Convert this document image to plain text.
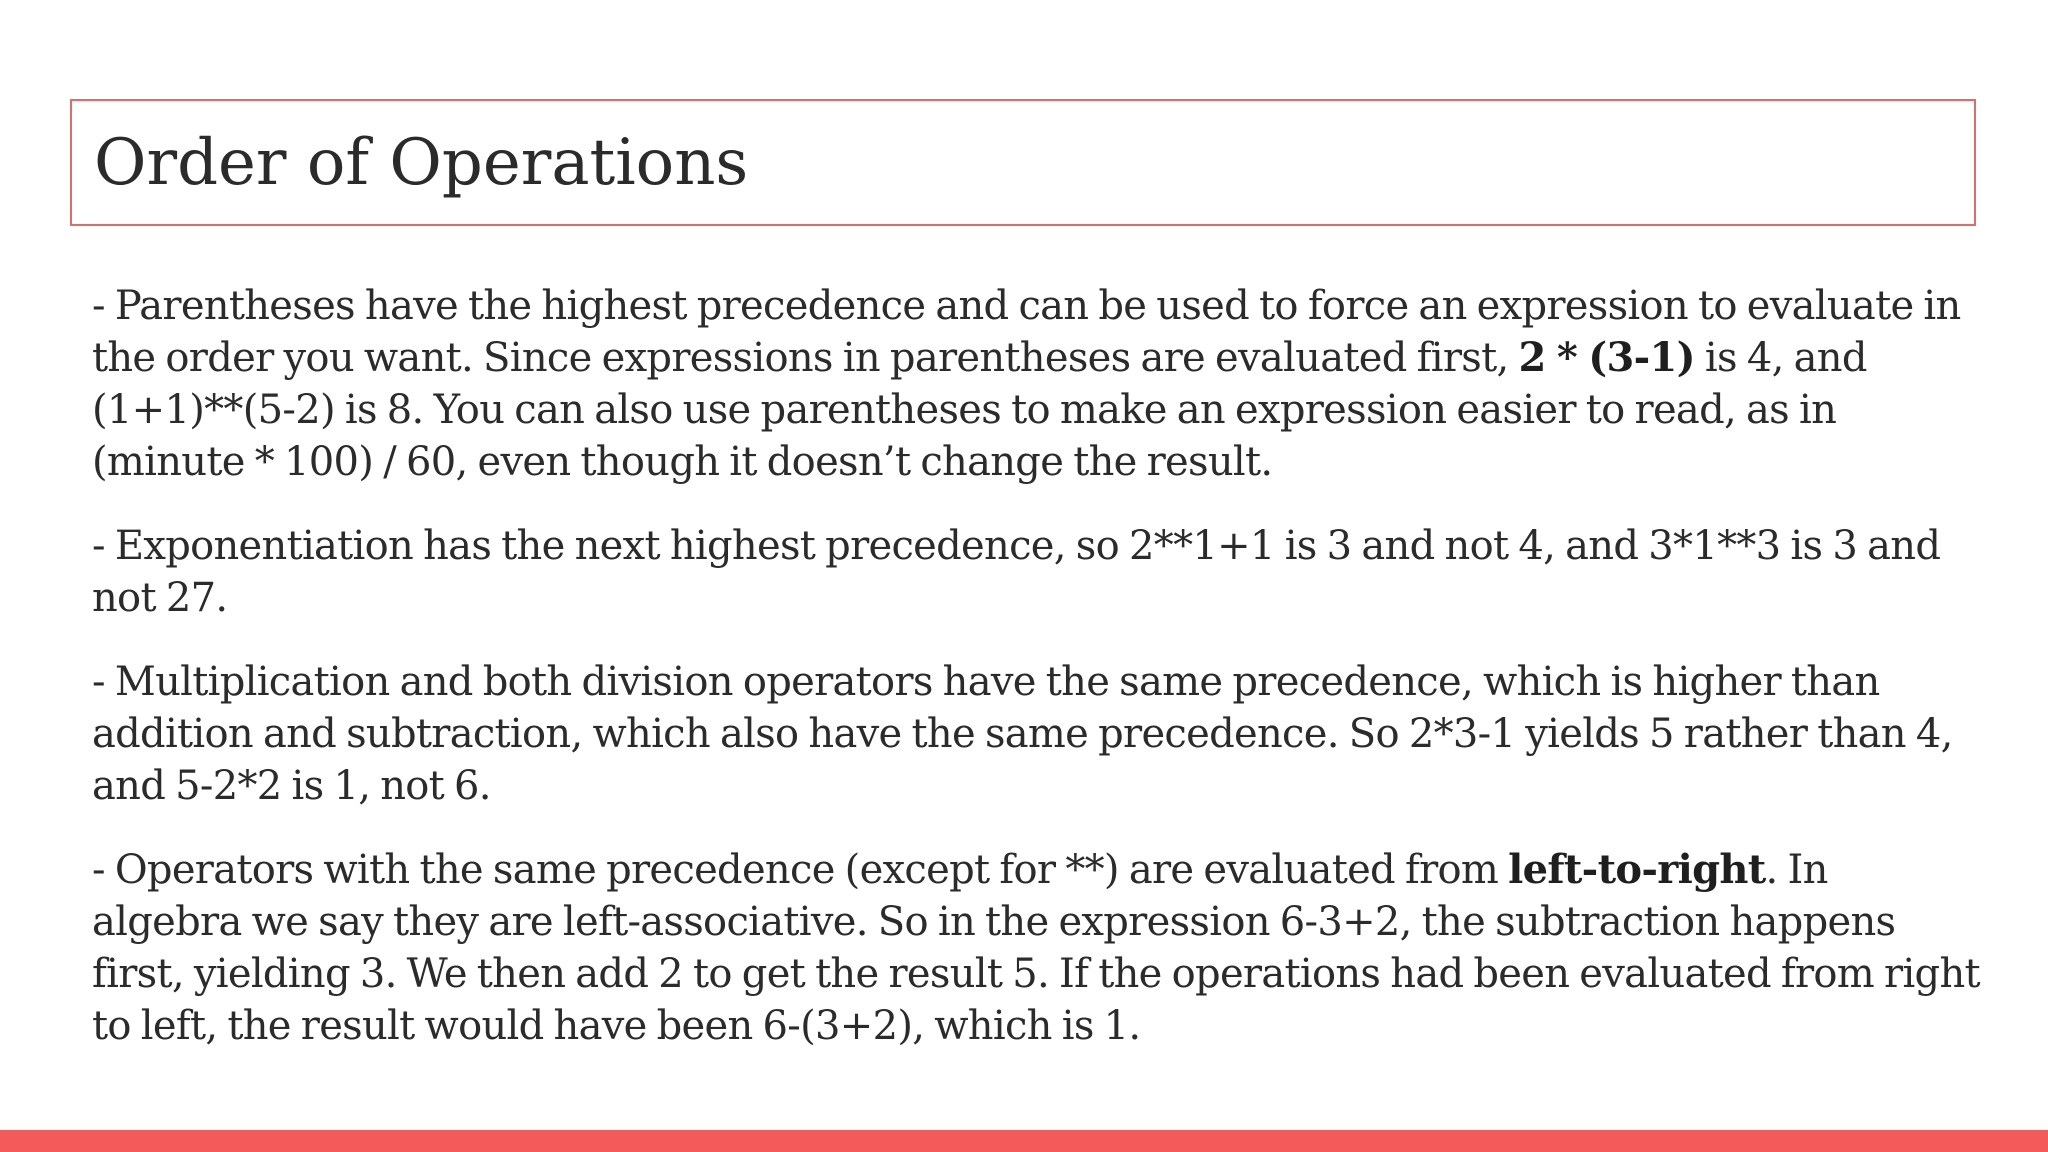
Order of Operations

- Parentheses have the highest precedence and can be used to force an expression to evaluate in the order you want. Since expressions in parentheses are evaluated first, 2 * (3-1) is 4, and (1+1)**(5-2) is 8. You can also use parentheses to make an expression easier to read, as in (minute * 100) / 60, even though it doesn’t change the result.

- Exponentiation has the next highest precedence, so 2**1+1 is 3 and not 4, and 3*1**3 is 3 and not 27.

- Multiplication and both division operators have the same precedence, which is higher than addition and subtraction, which also have the same precedence. So 2*3-1 yields 5 rather than 4, and 5-2*2 is 1, not 6.

- Operators with the same precedence (except for **) are evaluated from left-to-right. In algebra we say they are left-associative. So in the expression 6-3+2, the subtraction happens first, yielding 3. We then add 2 to get the result 5. If the operations had been evaluated from right to left, the result would have been 6-(3+2), which is 1.
